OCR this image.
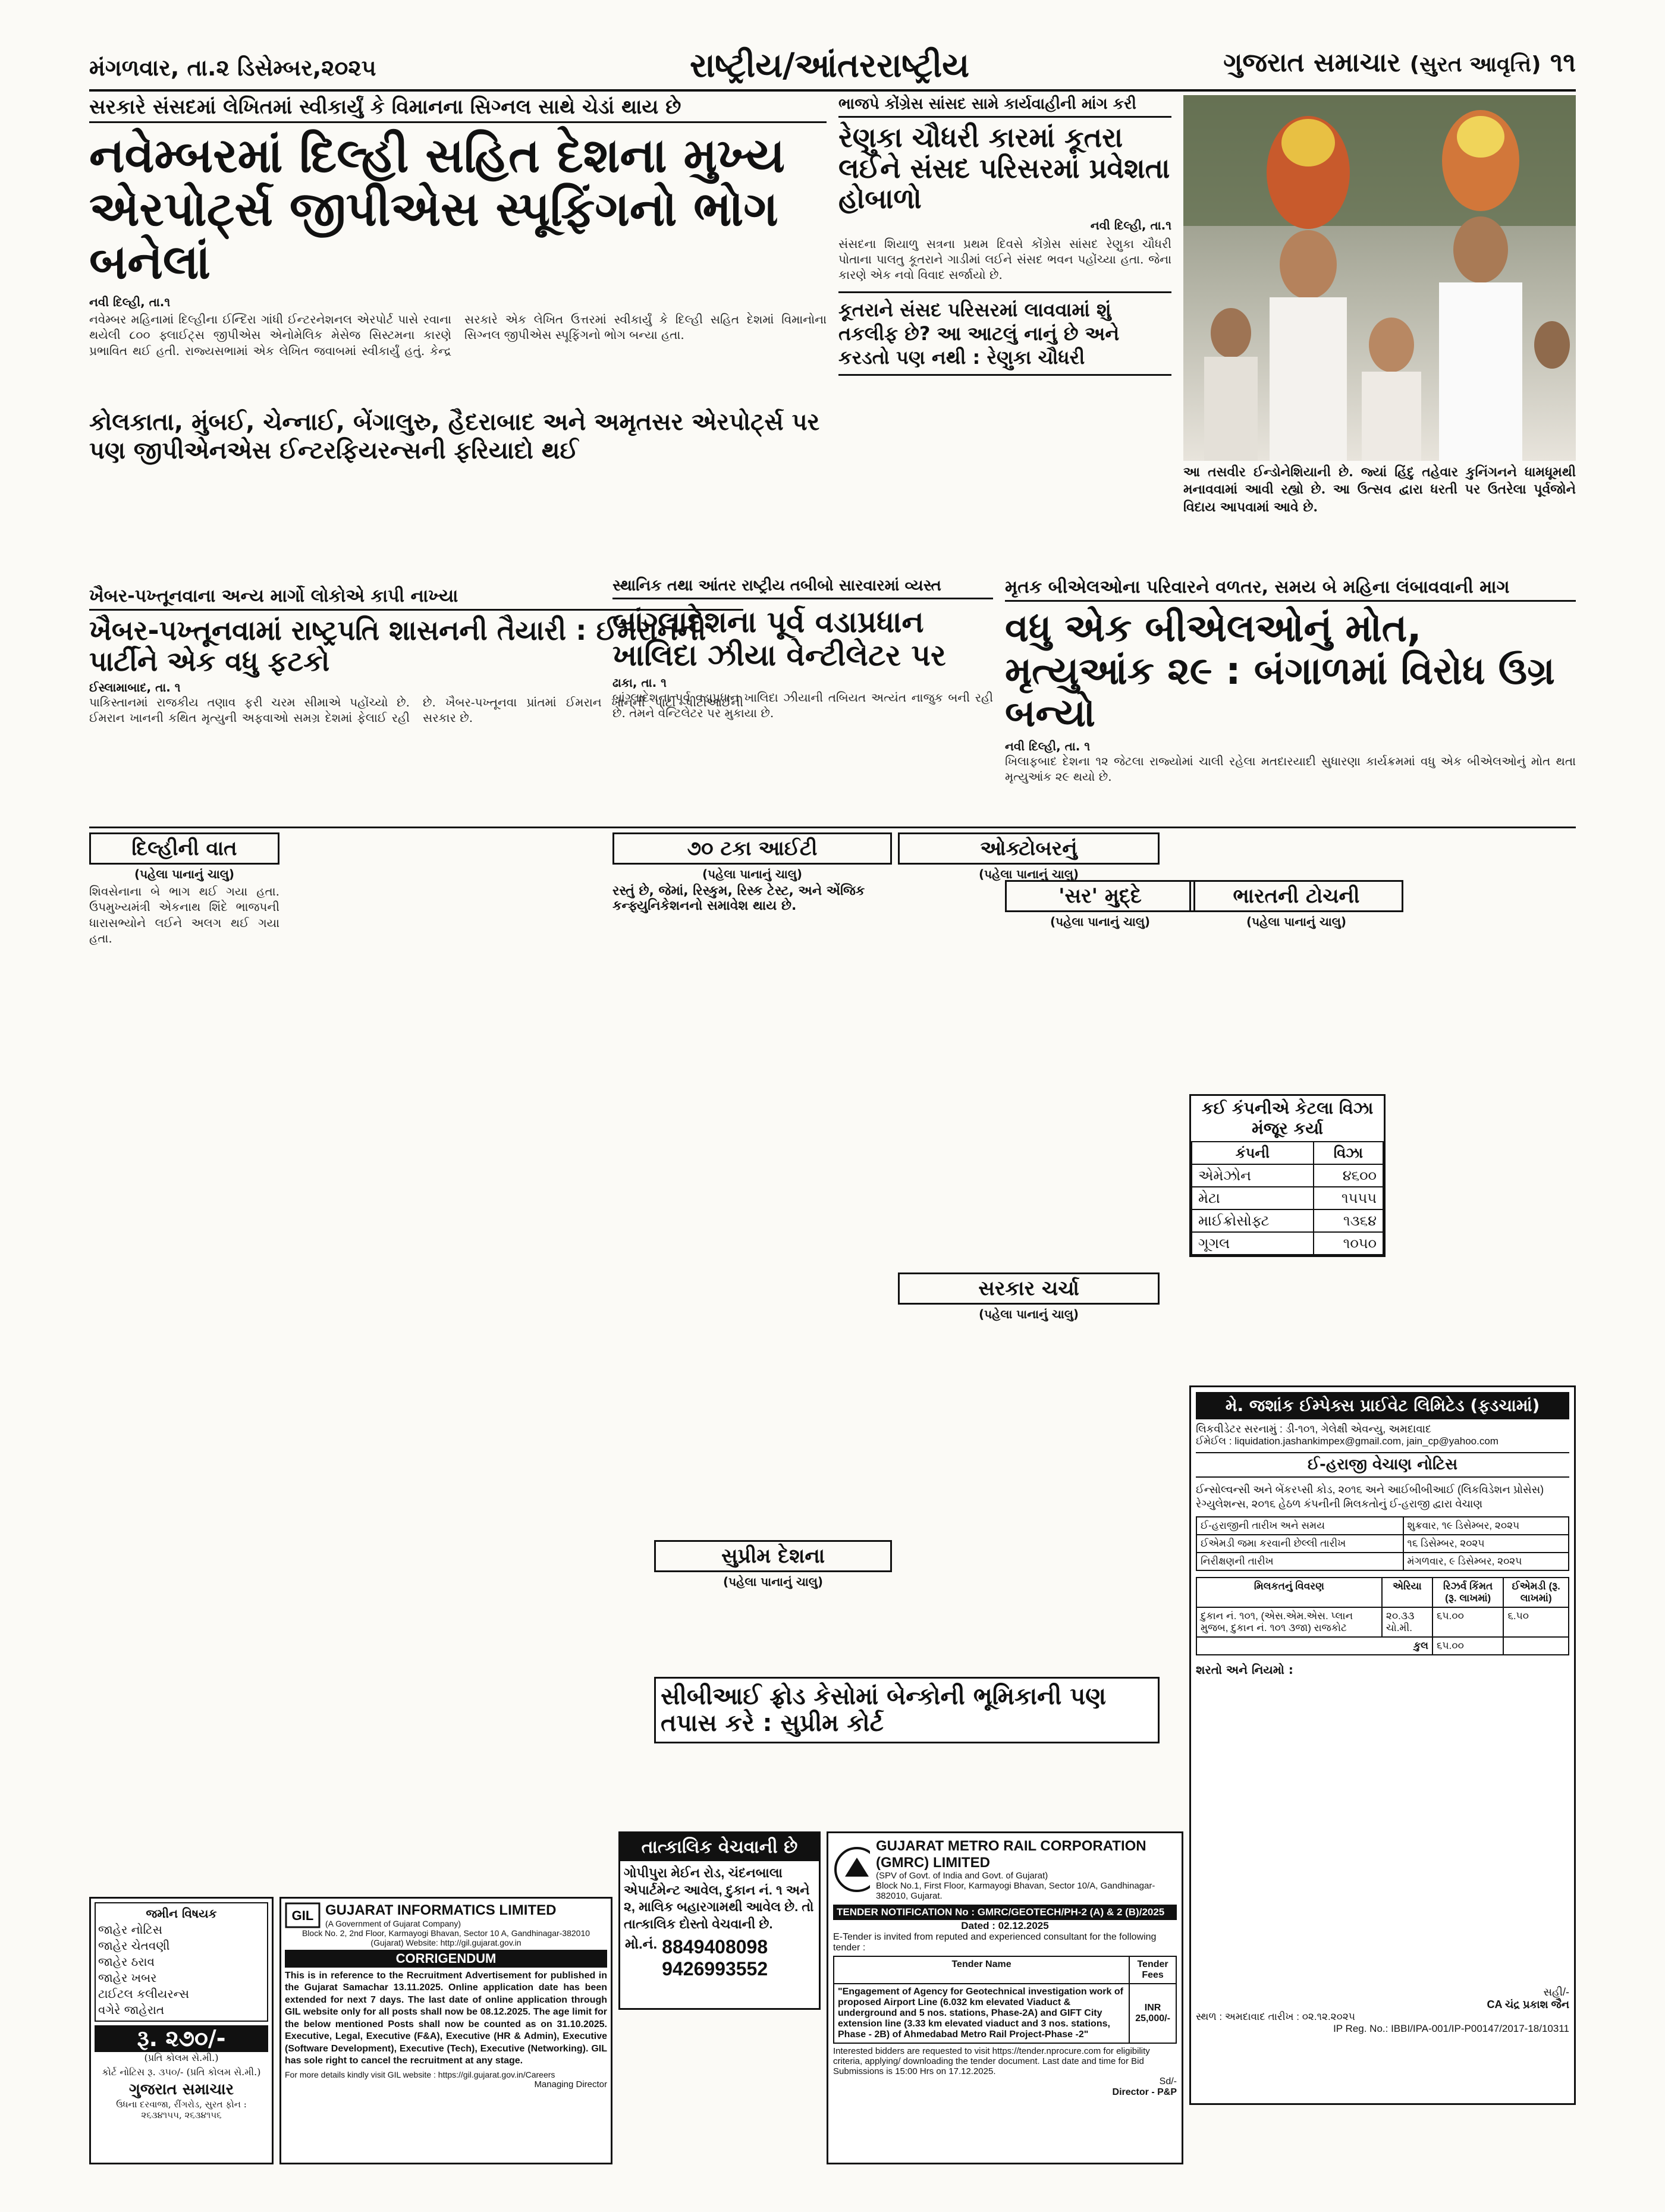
મંગળવાર, તા.૨ ડિસેમ્બર,૨૦૨૫	રાષ્ટ્રીય/આંતરરાષ્ટ્રીય	ગુજરાત સમાચાર (સુરત આવૃત્તિ) ૧૧
સરકારે સંસદમાં લેખિતમાં સ્વીકાર્યું કે વિમાનના સિગ્નલ સાથે ચેડાં થાય છે
નવેમ્બરમાં દિલ્હી સહિત દેશના મુખ્ય
એરપોર્ટ્સ જીપીએસ સ્પૂફિંગનો ભોગ બનેલાં
નવી દિલ્હી, તા.૧
નવેમ્બર મહિનામાં દિલ્હીના ઈન્દિરા ગાંધી ઈન્ટરનેશનલ એરપોર્ટ પાસે રવાના થયેલી ૮૦૦ ફ્લાઈટ્સ જીપીએસ એનોમેલિક મેસેજ સિસ્ટમના કારણે પ્રભાવિત થઈ હતી. રાજ્યસભામાં એક લેખિત જવાબમાં સ્વીકાર્યું હતું. કેન્દ્ર સરકારે એક લેખિત ઉત્તરમાં સ્વીકાર્યું કે દિલ્હી સહિત દેશમાં વિમાનોના સિગ્નલ જીપીએસ સ્પૂફિંગનો ભોગ બન્યા હતા.
કોલકાતા, મુંબઈ, ચેન્નાઈ, બેંગાલુરુ, હૈદરાબાદ અને અમૃતસર એરપોર્ટ્સ પર પણ જીપીએનએસ ઈન્ટરફિયરન્સની ફરિયાદો થઈ
ખૈબર-પખ્તૂનવાના અન્ય માર્ગો લોકોએ કાપી નાખ્યા
ખૈબર-પખ્તૂનવામાં રાષ્ટ્રપતિ શાસનની તૈયારી : ઈમરાનની પાર્ટીને એક વધુ ફટકો
ઈસ્લામાબાદ, તા. ૧
પાકિસ્તાનમાં રાજકીય તણાવ ફરી ચરમ સીમાએ પહોંચ્યો છે. ઈમરાન ખાનની કથિત મૃત્યુની અફવાઓ સમગ્ર દેશમાં ફેલાઈ રહી છે. ખૈબર-પખ્તૂનવા પ્રાંતમાં ઈમરાન ખાનની પાર્ટી પીટીઆઈની સરકાર છે.
ભાજપે કોંગ્રેસ સાંસદ સામે કાર્યવાહીની માંગ કરી
રેણુકા ચૌધરી કારમાં કૂતરા લઈને સંસદ પરિસરમાં પ્રવેશતા હોબાળો
નવી દિલ્હી, તા.૧
સંસદના શિયાળુ સત્રના પ્રથમ દિવસે કોંગ્રેસ સાંસદ રેણુકા ચૌધરી પોતાના પાલતુ કૂતરાને ગાડીમાં લઈને સંસદ ભવન પહોંચ્યા હતા. જેના કારણે એક નવો વિવાદ સર્જાયો છે.
કૂતરાને સંસદ પરિસરમાં લાવવામાં શું તકલીફ છે? આ આટલું નાનું છે અને કરડતો પણ નથી : રેણુકા ચૌધરી
આ તસવીર ઈન્ડોનેશિયાની છે. જ્યાં હિંદુ તહેવાર કુનિંગનને ધામધૂમથી મનાવવામાં આવી રહ્યો છે. આ ઉત્સવ દ્વારા ધરતી પર ઉતરેલા પૂર્વજોને વિદાય આપવામાં આવે છે.
સ્થાનિક તથા આંતર રાષ્ટ્રીય તબીબો સારવારમાં વ્યસ્ત
બાંગ્લાદેશના પૂર્વ વડાપ્રધાન ખાલિદા ઝીયા વેન્ટીલેટર પર
ઢાકા, તા. ૧
બાંગ્લાદેશના પૂર્વ વડાપ્રધાન ખાલિદા ઝીયાની તબિયત અત્યંત નાજુક બની રહી છે. તેમને વેન્ટિલેટર પર મુકાયા છે.
મૃતક બીએલઓના પરિવારને વળતર, સમય બે મહિના લંબાવવાની માગ
વધુ એક બીએલઓનું મોત, મૃત્યુઆંક ૨૯ : બંગાળમાં વિરોધ ઉગ્ર બન્યો
નવી દિલ્હી, તા. ૧
ખિલાફબાદ દેશના ૧૨ જેટલા રાજ્યોમાં ચાલી રહેલા મતદારયાદી સુધારણા કાર્યક્રમમાં વધુ એક બીએલઓનું મોત થતા મૃત્યુઆંક ૨૯ થયો છે.
દિલ્હીની વાત
(પહેલા પાનાનું ચાલુ)
શિવસેનાના બે ભાગ થઈ ગયા હતા. ઉપમુખ્યમંત્રી એકનાથ શિંદે ભાજપની ધારાસભ્યોને લઈને અલગ થઈ ગયા હતા.
૭૦ ટકા આઈટી
(પહેલા પાનાનું ચાલુ)
રસ્તું છે, જેમાં, રિસ્કુમ, રિસ્ક ટેસ્ટ, અને એંજિક કન્ફ્યુનિકેશનનો સમાવેશ થાય છે.
ઓક્ટોબરનું
(પહેલા પાનાનું ચાલુ)
'સર' મુદ્દે
(પહેલા પાનાનું ચાલુ)
ભારતની ટોચની
(પહેલા પાનાનું ચાલુ)
કઈ કંપનીએ કેટલા વિઝા મંજૂર કર્યા
કંપની	વિઝા
એમેઝોન	૪૬૦૦
મેટા	૧૫૫૫
માઈક્રોસોફ્ટ	૧૩૬૪
ગૂગલ	૧૦૫૦
સરકાર ચર્ચા
(પહેલા પાનાનું ચાલુ)
સુપ્રીમ દેશના
(પહેલા પાનાનું ચાલુ)
સીબીઆઈ ફ્રોડ કેસોમાં બેન્કોની ભૂમિકાની પણ તપાસ કરે : સુપ્રીમ કોર્ટ
મે. જશાંક ઈમ્પેક્સ પ્રાઈવેટ લિમિટેડ (ફડચામાં)
લિકવીડેટર સરનામું : ડી-૧૦૧, ગેલેક્ષી એવન્યુ, અમદાવાદ
ઈમેઈલ : liquidation.jashankimpex@gmail.com, jain_cp@yahoo.com
ઈ-હરાજી વેચાણ નોટિસ
ઈન્સોલ્વન્સી અને બેંકરપ્સી કોડ, ૨૦૧૬ અને આઈબીબીઆઈ (લિકવિડેશન પ્રોસેસ) રેગ્યુલેશન્સ, ૨૦૧૬ હેઠળ કંપનીની મિલકતોનું ઈ-હરાજી દ્વારા વેચાણ
ઈ-હરાજીની તારીખ અને સમય	શુક્રવાર, ૧૯ ડિસેમ્બર, ૨૦૨૫
ઈએમડી જમા કરવાની છેલ્લી તારીખ	૧૬ ડિસેમ્બર, ૨૦૨૫
નિરીક્ષણની તારીખ	મંગળવાર, ૯ ડિસેમ્બર, ૨૦૨૫
મિલકતનું વિવરણ	એરિયા	રિઝર્વ કિંમત (રૂ. લાખમાં)	ઈએમડી (રૂ. લાખમાં)
દુકાન નં. ૧૦૧, (એસ.એમ.એસ. પ્લાન મુજબ, દુકાન નં. ૧૦૧ ૩જા) રાજકોટ	૨૦.૩૩ ચો.મી.	૬૫.૦૦	૬.૫૦
કુલ		૬૫.૦૦	
શરતો અને નિયમો :
સહી/-
CA ચંદ્ર પ્રકાશ જૈન
સ્થળ : અમદાવાદ તારીખ : ૦૨.૧૨.૨૦૨૫
IP Reg. No.: IBBI/IPA-001/IP-P00147/2017-18/10311
તાત્કાલિક વેચવાની છે
ગોપીપુરા મેઈન રોડ, ચંદનબાલા એપાર્ટમેન્ટ આવેલ, દુકાન નં. ૧ અને ૨, માલિક બહારગામથી આવેલ છે. તો તાત્કાલિક દોસ્તો વેચવાની છે.
મો.નં. 8849408098
9426993552
GUJARAT METRO RAIL CORPORATION (GMRC) LIMITED
(SPV of Govt. of India and Govt. of Gujarat)
Block No.1, First Floor, Karmayogi Bhavan, Sector 10/A, Gandhinagar-382010, Gujarat.
TENDER NOTIFICATION No : GMRC/GEOTECH/PH-2 (A) & 2 (B)/2025
Dated : 02.12.2025
E-Tender is invited from reputed and experienced consultant for the following tender :
Tender Name	Tender Fees
"Engagement of Agency for Geotechnical investigation work of proposed Airport Line (6.032 km elevated Viaduct & underground and 5 nos. stations, Phase-2A) and GIFT City extension line (3.33 km elevated viaduct and 3 nos. stations, Phase - 2B) of Ahmedabad Metro Rail Project-Phase -2"	INR 25,000/-
Interested bidders are requested to visit https://tender.nprocure.com for eligibility criteria, applying/ downloading the tender document. Last date and time for Bid Submissions is 15:00 Hrs on 17.12.2025.
Sd/-
Director - P&P
GIL GUJARAT INFORMATICS LIMITED
(A Government of Gujarat Company)
Block No. 2, 2nd Floor, Karmayogi Bhavan, Sector 10 A, Gandhinagar-382010 (Gujarat) Website: http://gil.gujarat.gov.in
CORRIGENDUM
This is in reference to the Recruitment Advertisement for published in the Gujarat Samachar 13.11.2025. Online application date has been extended for next 7 days. The last date of online application through GIL website only for all posts shall now be 08.12.2025. The age limit for the below mentioned Posts shall now be counted as on 31.10.2025. Executive, Legal, Executive (F&A), Executive (HR & Admin), Executive (Software Development), Executive (Tech), Executive (Networking). GIL has sole right to cancel the recruitment at any stage.
For more details kindly visit GIL website : https://gil.gujarat.gov.in/Careers
Managing Director
જમીન વિષયક
જાહેર નોટિસ
જાહેર ચેતવણી
જાહેર ઠરાવ
જાહેર ખબર
ટાઈટલ કલીયરન્સ
વગેરે જાહેરાત
રૂ. ૨૭૦/-
(પ્રતિ કોલમ સે.મી.)
કોર્ટ નોટિસ રૂ. ૩૫૦/- (પ્રતિ કોલમ સે.મી.)
ગુજરાત સમાચાર
ઉધના દરવાજા, રીંગરોડ, સુરત ફોન : ૨૬૩૪૧૫૫, ૨૬૩૪૧૫૬
